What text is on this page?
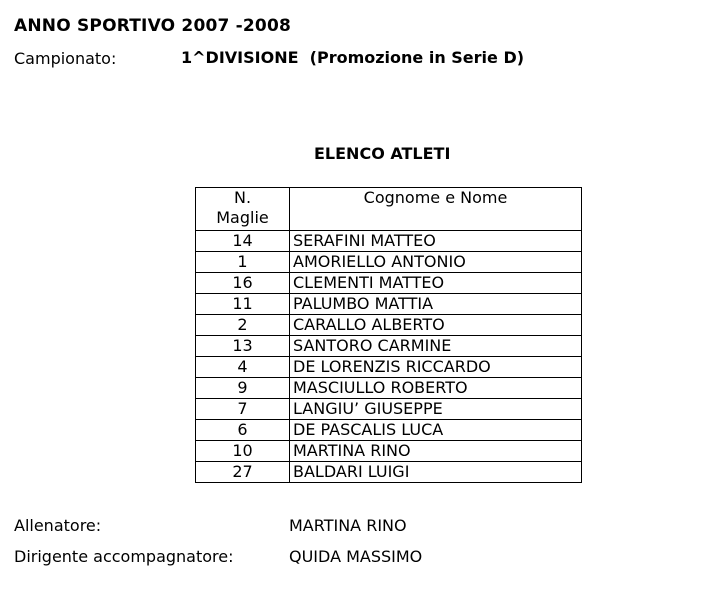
ANNO SPORTIVO 2007 -2008
Campionato:	1^DIVISIONE  (Promozione in Serie D)
ELENCO ATLETI
N.
Maglie	Cognome e Nome
14	SERAFINI MATTEO
1	AMORIELLO ANTONIO
16	CLEMENTI MATTEO
11	PALUMBO MATTIA
2	CARALLO ALBERTO
13	SANTORO CARMINE
4	DE LORENZIS RICCARDO
9	MASCIULLO ROBERTO
7	LANGIU’ GIUSEPPE
6	DE PASCALIS LUCA
10	MARTINA RINO
27	BALDARI LUIGI
Allenatore:	MARTINA RINO
Dirigente accompagnatore:	QUIDA MASSIMO
